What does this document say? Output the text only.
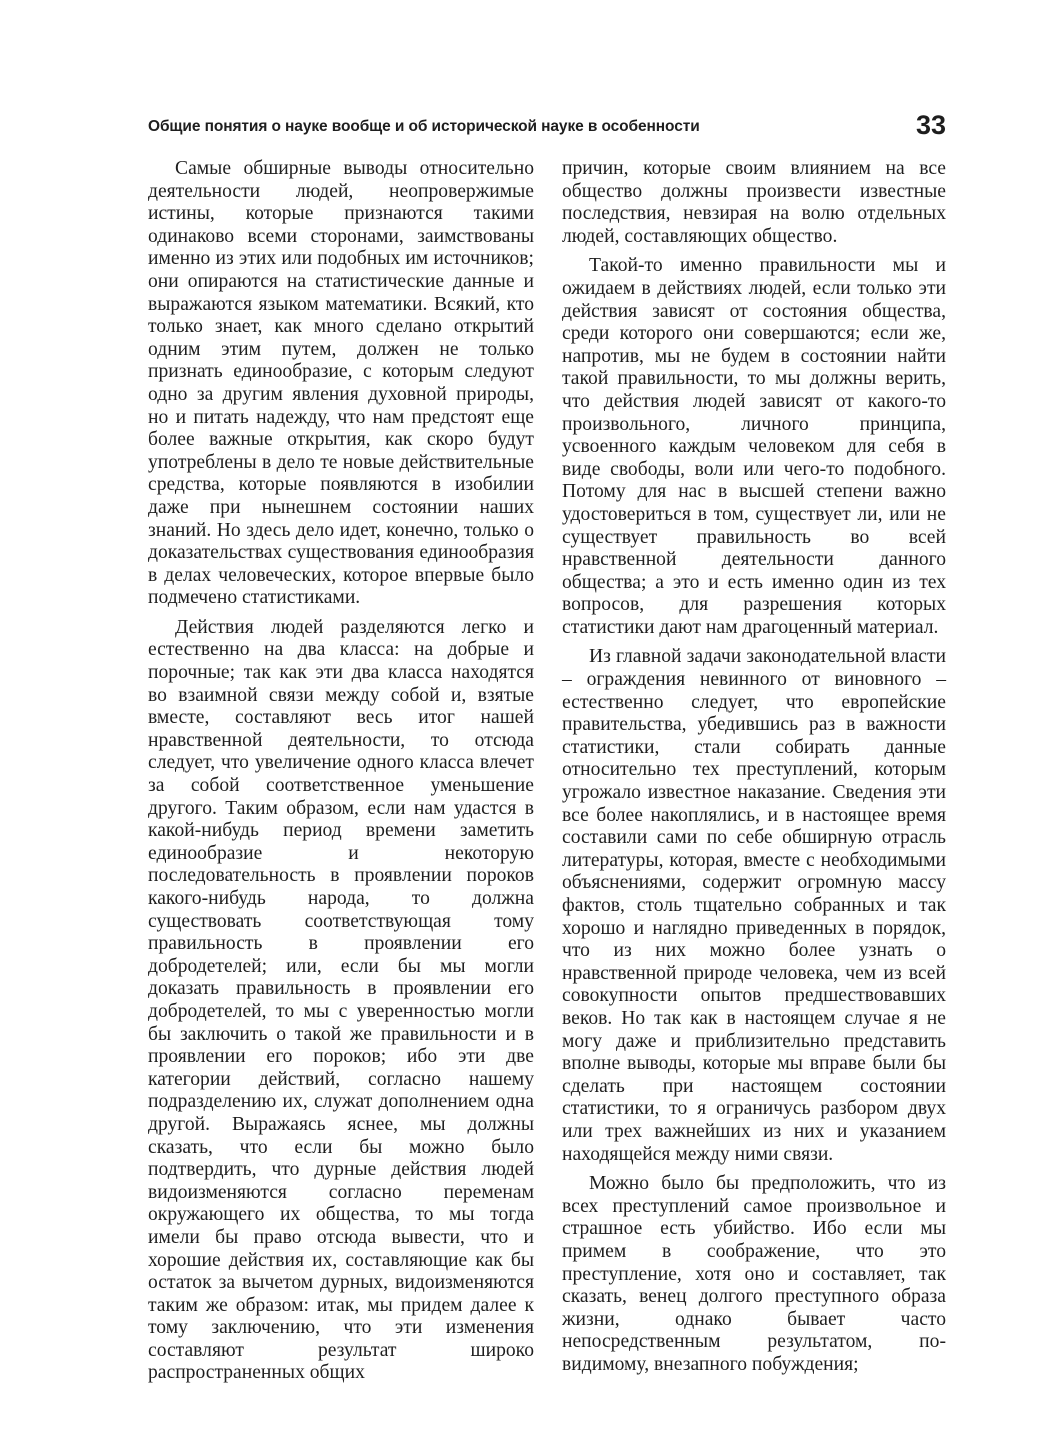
Общие понятия о науке вообще и об исторической науке в особенности	33

Самые обширные выводы относительно деятельности людей, неопровержимые истины, которые признаются такими одинаково всеми сторонами, заимствованы именно из этих или подобных им источников; они опираются на статистические данные и выражаются языком математики. Всякий, кто только знает, как много сделано открытий одним этим путем, должен не только признать единообразие, с которым следуют одно за другим явления духовной природы, но и питать надежду, что нам предстоят еще более важные открытия, как скоро будут употреблены в дело те новые действительные средства, которые появляются в изобилии даже при нынешнем состоянии наших знаний. Но здесь дело идет, конечно, только о доказательствах существования единообразия в делах человеческих, которое впервые было подмечено статистиками.

Действия людей разделяются легко и естественно на два класса: на добрые и порочные; так как эти два класса находятся во взаимной связи между собой и, взятые вместе, составляют весь итог нашей нравственной деятельности, то отсюда следует, что увеличение одного класса влечет за собой соответственное уменьшение другого. Таким образом, если нам удастся в какой-нибудь период времени заметить единообразие и некоторую последовательность в проявлении пороков какого-нибудь народа, то должна существовать соответствующая тому правильность в проявлении его добродетелей; или, если бы мы могли доказать правильность в проявлении его добродетелей, то мы с уверенностью могли бы заключить о такой же правильности и в проявлении его пороков; ибо эти две категории действий, согласно нашему подразделению их, служат дополнением одна другой. Выражаясь яснее, мы должны сказать, что если бы можно было подтвердить, что дурные действия людей видоизменяются согласно переменам окружающего их общества, то мы тогда имели бы право отсюда вывести, что и хорошие действия их, составляющие как бы остаток за вычетом дурных, видоизменяются таким же образом: итак, мы придем далее к тому заключению, что эти изменения составляют результат широко распространенных общих

причин, которые своим влиянием на все общество должны произвести известные последствия, невзирая на волю отдельных людей, составляющих общество.

Такой-то именно правильности мы и ожидаем в действиях людей, если только эти действия зависят от состояния общества, среди которого они совершаются; если же, напротив, мы не будем в состоянии найти такой правильности, то мы должны верить, что действия людей зависят от какого-то произвольного, личного принципа, усвоенного каждым человеком для себя в виде свободы, воли или чего-то подобного. Потому для нас в высшей степени важно удостовериться в том, существует ли, или не существует правильность во всей нравственной деятельности данного общества; а это и есть именно один из тех вопросов, для разрешения которых статистики дают нам драгоценный материал.

Из главной задачи законодательной власти – ограждения невинного от виновного – естественно следует, что европейские правительства, убедившись раз в важности статистики, стали собирать данные относительно тех преступлений, которым угрожало известное наказание. Сведения эти все более накоплялись, и в настоящее время составили сами по себе обширную отрасль литературы, которая, вместе с необходимыми объяснениями, содержит огромную массу фактов, столь тщательно собранных и так хорошо и наглядно приведенных в порядок, что из них можно более узнать о нравственной природе человека, чем из всей совокупности опытов предшествовавших веков. Но так как в настоящем случае я не могу даже и приблизительно представить вполне выводы, которые мы вправе были бы сделать при настоящем состоянии статистики, то я ограничусь разбором двух или трех важнейших из них и указанием находящейся между ними связи.

Можно было бы предположить, что из всех преступлений самое произвольное и страшное есть убийство. Ибо если мы примем в соображение, что это преступление, хотя оно и составляет, так сказать, венец долгого преступного образа жизни, однако бывает часто непосредственным результатом, по-видимому, внезапного побуждения;
